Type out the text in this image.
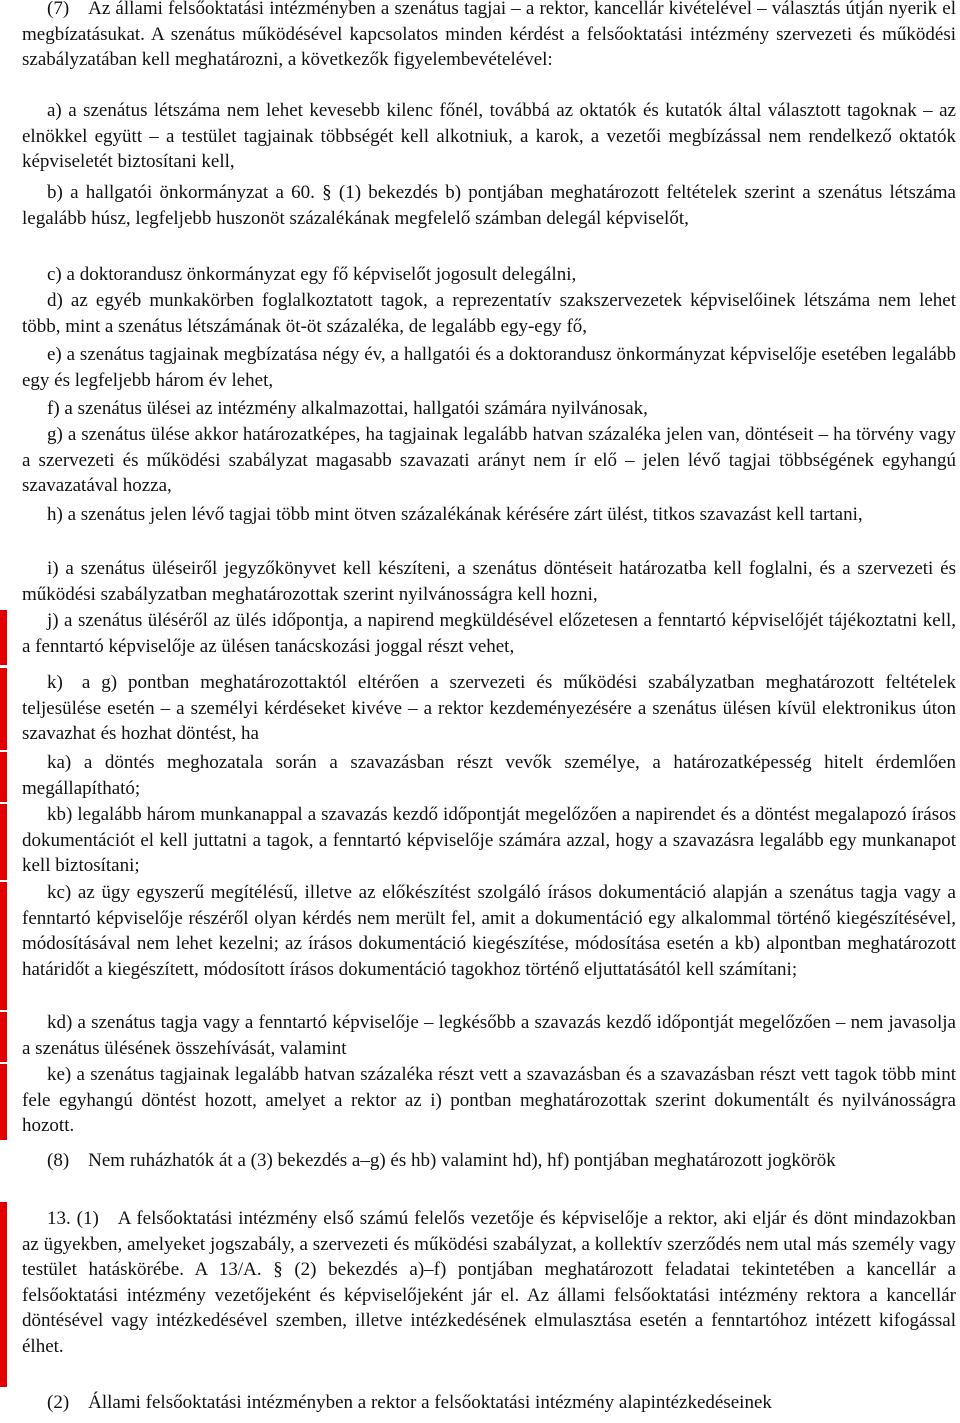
(7) Az állami felsőoktatási intézményben a szenátus tagjai – a rektor, kancellár kivételével – választás útján nyerik el megbízatásukat. A szenátus működésével kapcsolatos minden kérdést a felsőoktatási intézmény szervezeti és működési szabályzatában kell meghatározni, a következők figyelembevételével:

a) a szenátus létszáma nem lehet kevesebb kilenc főnél, továbbá az oktatók és kutatók által választott tagoknak – az elnökkel együtt – a testület tagjainak többségét kell alkotniuk, a karok, a vezetői megbízással nem rendelkező oktatók képviseletét biztosítani kell,

b) a hallgatói önkormányzat a 60. § (1) bekezdés b) pontjában meghatározott feltételek szerint a szenátus létszáma legalább húsz, legfeljebb huszonöt százalékának megfelelő számban delegál képviselőt,

c) a doktorandusz önkormányzat egy fő képviselőt jogosult delegálni,

d) az egyéb munkakörben foglalkoztatott tagok, a reprezentatív szakszervezetek képviselőinek létszáma nem lehet több, mint a szenátus létszámának öt-öt százaléka, de legalább egy-egy fő,

e) a szenátus tagjainak megbízatása négy év, a hallgatói és a doktorandusz önkormányzat képviselője esetében legalább egy és legfeljebb három év lehet,

f) a szenátus ülései az intézmény alkalmazottai, hallgatói számára nyilvánosak,

g) a szenátus ülése akkor határozatképes, ha tagjainak legalább hatvan százaléka jelen van, döntéseit – ha törvény vagy a szervezeti és működési szabályzat magasabb szavazati arányt nem ír elő – jelen lévő tagjai többségének egyhangú szavazatával hozza,

h) a szenátus jelen lévő tagjai több mint ötven százalékának kérésére zárt ülést, titkos szavazást kell tartani,

i) a szenátus üléseiről jegyzőkönyvet kell készíteni, a szenátus döntéseit határozatba kell foglalni, és a szervezeti és működési szabályzatban meghatározottak szerint nyilvánosságra kell hozni,

j) a szenátus üléséről az ülés időpontja, a napirend megküldésével előzetesen a fenntartó képviselőjét tájékoztatni kell, a fenntartó képviselője az ülésen tanácskozási joggal részt vehet,

k) a g) pontban meghatározottaktól eltérően a szervezeti és működési szabályzatban meghatározott feltételek teljesülése esetén – a személyi kérdéseket kivéve – a rektor kezdeményezésére a szenátus ülésen kívül elektronikus úton szavazhat és hozhat döntést, ha

ka) a döntés meghozatala során a szavazásban részt vevők személye, a határozatképesség hitelt érdemlően megállapítható;

kb) legalább három munkanappal a szavazás kezdő időpontját megelőzően a napirendet és a döntést megalapozó írásos dokumentációt el kell juttatni a tagok, a fenntartó képviselője számára azzal, hogy a szavazásra legalább egy munkanapot kell biztosítani;

kc) az ügy egyszerű megítélésű, illetve az előkészítést szolgáló írásos dokumentáció alapján a szenátus tagja vagy a fenntartó képviselője részéről olyan kérdés nem merült fel, amit a dokumentáció egy alkalommal történő kiegészítésével, módosításával nem lehet kezelni; az írásos dokumentáció kiegészítése, módosítása esetén a kb) alpontban meghatározott határidőt a kiegészített, módosított írásos dokumentáció tagokhoz történő eljuttatásától kell számítani;

kd) a szenátus tagja vagy a fenntartó képviselője – legkésőbb a szavazás kezdő időpontját megelőzően – nem javasolja a szenátus ülésének összehívását, valamint

ke) a szenátus tagjainak legalább hatvan százaléka részt vett a szavazásban és a szavazásban részt vett tagok több mint fele egyhangú döntést hozott, amelyet a rektor az i) pontban meghatározottak szerint dokumentált és nyilvánosságra hozott.

(8) Nem ruházhatók át a (3) bekezdés a–g) és hb) valamint hd), hf) pontjában meghatározott jogkörök

13. (1) A felsőoktatási intézmény első számú felelős vezetője és képviselője a rektor, aki eljár és dönt mindazokban az ügyekben, amelyeket jogszabály, a szervezeti és működési szabályzat, a kollektív szerződés nem utal más személy vagy testület hatáskörébe. A 13/A. § (2) bekezdés a)–f) pontjában meghatározott feladatai tekintetében a kancellár a felsőoktatási intézmény vezetőjeként és képviselőjeként jár el. Az állami felsőoktatási intézmény rektora a kancellár döntésével vagy intézkedésével szemben, illetve intézkedésének elmulasztása esetén a fenntartóhoz intézett kifogással élhet.

(2) Állami felsőoktatási intézményben a rektor a felsőoktatási intézmény alapintézkedéseinek
